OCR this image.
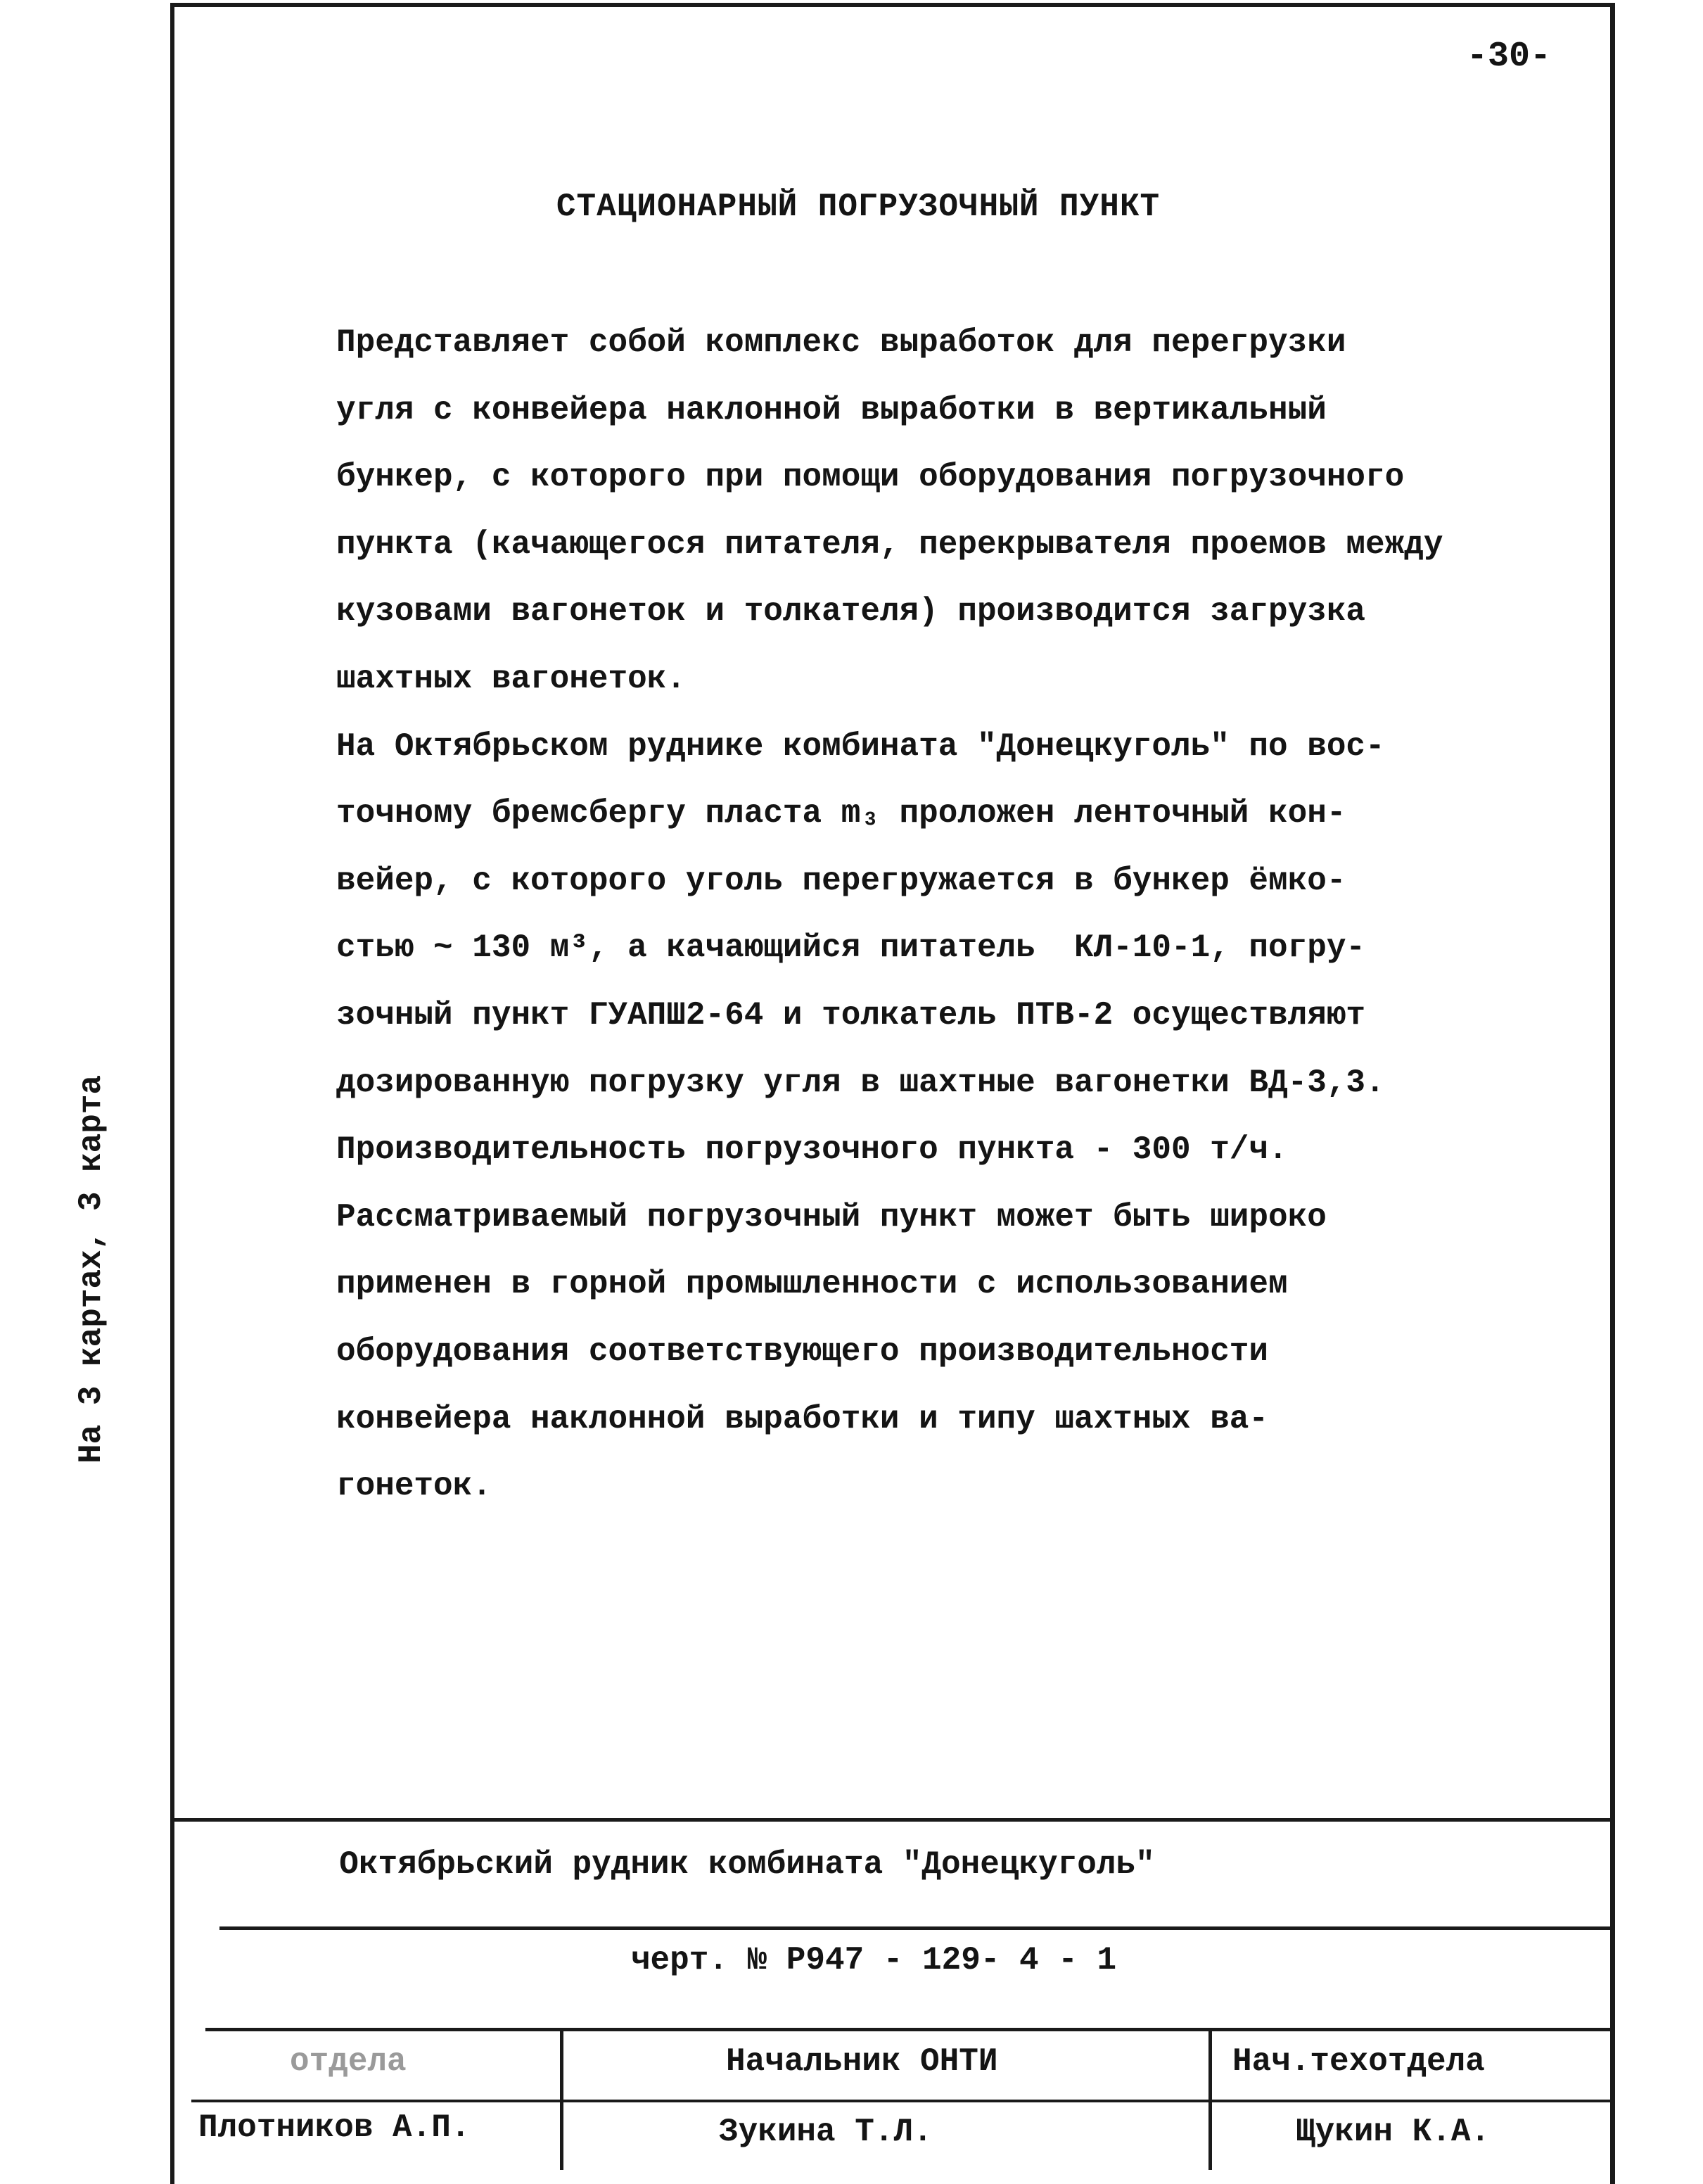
-30-
СТАЦИОНАРНЫЙ ПОГРУЗОЧНЫЙ ПУНКТ
Представляет собой комплекс выработок для перегрузки
угля с конвейера наклонной выработки в вертикальный
бункер, с которого при помощи оборудования погрузочного
пункта (качающегося питателя, перекрывателя проемов между
кузовами вагонеток и толкателя) производится загрузка
шахтных вагонеток.
На Октябрьском руднике комбината "Донецкуголь" по вос-
точному бремсбергу пласта m₃ проложен ленточный кон-
вейер, с которого уголь перегружается в бункер ёмко-
стью ~ 130 м³, а качающийся питатель  КЛ-10-1, погру-
зочный пункт ГУАПШ2-64 и толкатель ПТВ-2 осуществляют
дозированную погрузку угля в шахтные вагонетки ВД-3,3.
Производительность погрузочного пункта - 300 т/ч.
Рассматриваемый погрузочный пункт может быть широко
применен в горной промышленности с использованием
оборудования соответствующего производительности
конвейера наклонной выработки и типу шахтных ва-
гонеток.
На 3 картах, 3 карта
Октябрьский рудник комбината "Донецкуголь"
черт. № Р947 - 129- 4 - 1
отдела	Начальник ОНТИ	Нач.техотдела
Плотников А.П.	Зукина Т.Л.	Щукин К.А.
